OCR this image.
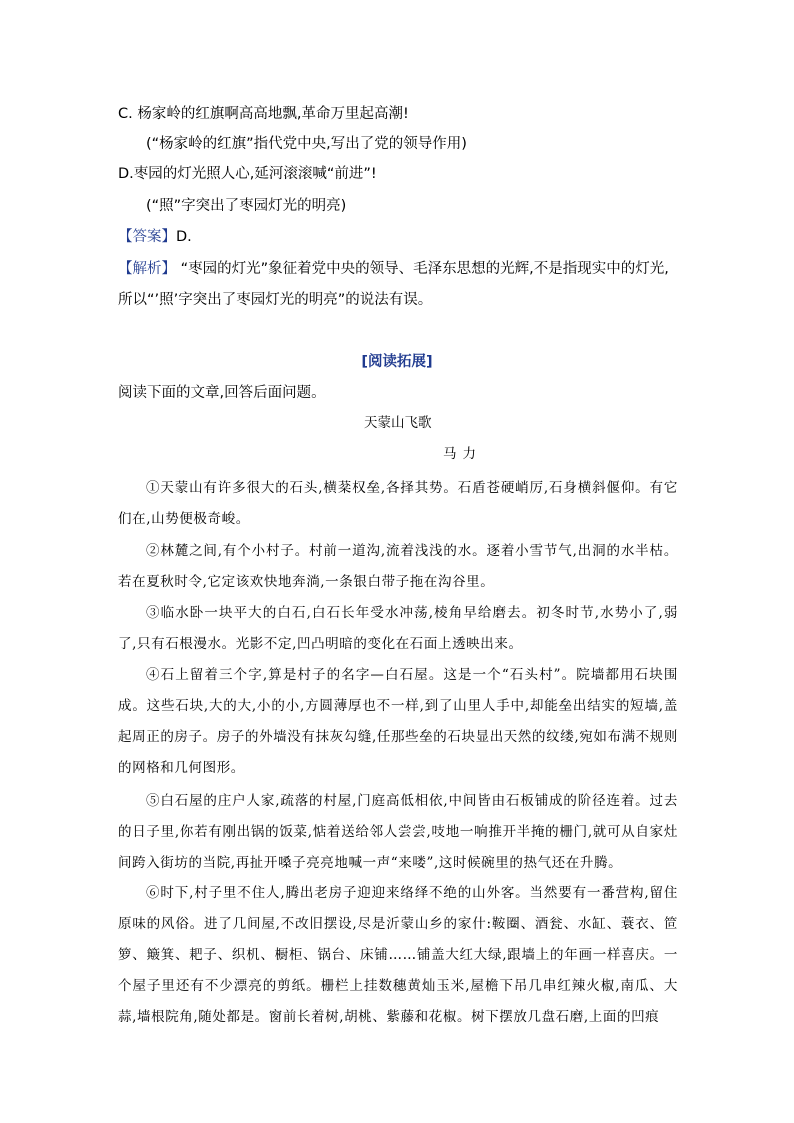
C. 杨家岭的红旗啊高高地飘,革命万里起高潮!
(“杨家岭的红旗”指代党中央,写出了党的领导作用)
D.枣园的灯光照人心,延河滚滚喊“前进”!
(“照”字突出了枣园灯光的明亮)
【答案】D.
【解析】 “枣园的灯光”象征着党中央的领导、毛泽东思想的光辉,不是指现实中的灯光,
所以“’照’字突出了枣园灯光的明亮”的说法有误。
[阅读拓展]
阅读下面的文章,回答后面问题。
天蒙山飞歌
马力
①天蒙山有许多很大的石头,横棻权垒,各择其势。石盾苍硬峭厉,石身横斜偃仰。有它们在,山势便极奇峻。
②林麓之间,有个小村子。村前一道沟,流着浅浅的水。逐着小雪节气,出洞的水半枯。若在夏秋时令,它定该欢快地奔淌,一条银白带子拖在沟谷里。
③临水卧一块平大的白石,白石长年受水冲荡,棱角早给磨去。初冬时节,水势小了,弱了,只有石根漫水。光影不定,凹凸明暗的变化在石面上透映出来。
④石上留着三个字,算是村子的名字—白石屋。这是一个“石头村”。院墙都用石块围成。这些石块,大的大,小的小,方圆薄厚也不一样,到了山里人手中,却能垒出结实的短墙,盖起周正的房子。房子的外墙没有抹灰勾缝,任那些垒的石块显出天然的纹缕,宛如布满不规则的网格和几何图形。
⑤白石屋的庄户人家,疏落的村屋,门庭高低相依,中间皆由石板铺成的阶径连着。过去的日子里,你若有刚出锅的饭菜,惦着送给邻人尝尝,吱地一响推开半掩的栅门,就可从自家灶间跨入街坊的当院,再扯开嗓子亮亮地喊一声“来喽”,这时候碗里的热气还在升腾。
⑥时下,村子里不住人,腾出老房子迎迎来络绎不绝的山外客。当然要有一番营构,留住原味的风俗。进了几间屋,不改旧摆设,尽是沂蒙山乡的家什:鞍圈、酒瓮、水缸、蓑衣、笸箩、簸箕、耙子、织机、橱柜、锅台、床铺……铺盖大红大绿,跟墙上的年画一样喜庆。一个屋子里还有不少漂亮的剪纸。栅栏上挂数穗黄灿玉米,屋檐下吊几串红辣火椒,南瓜、大蒜,墙根院角,随处都是。窗前长着树,胡桃、紫藤和花椒。树下摆放几盘石磨,上面的凹痕
